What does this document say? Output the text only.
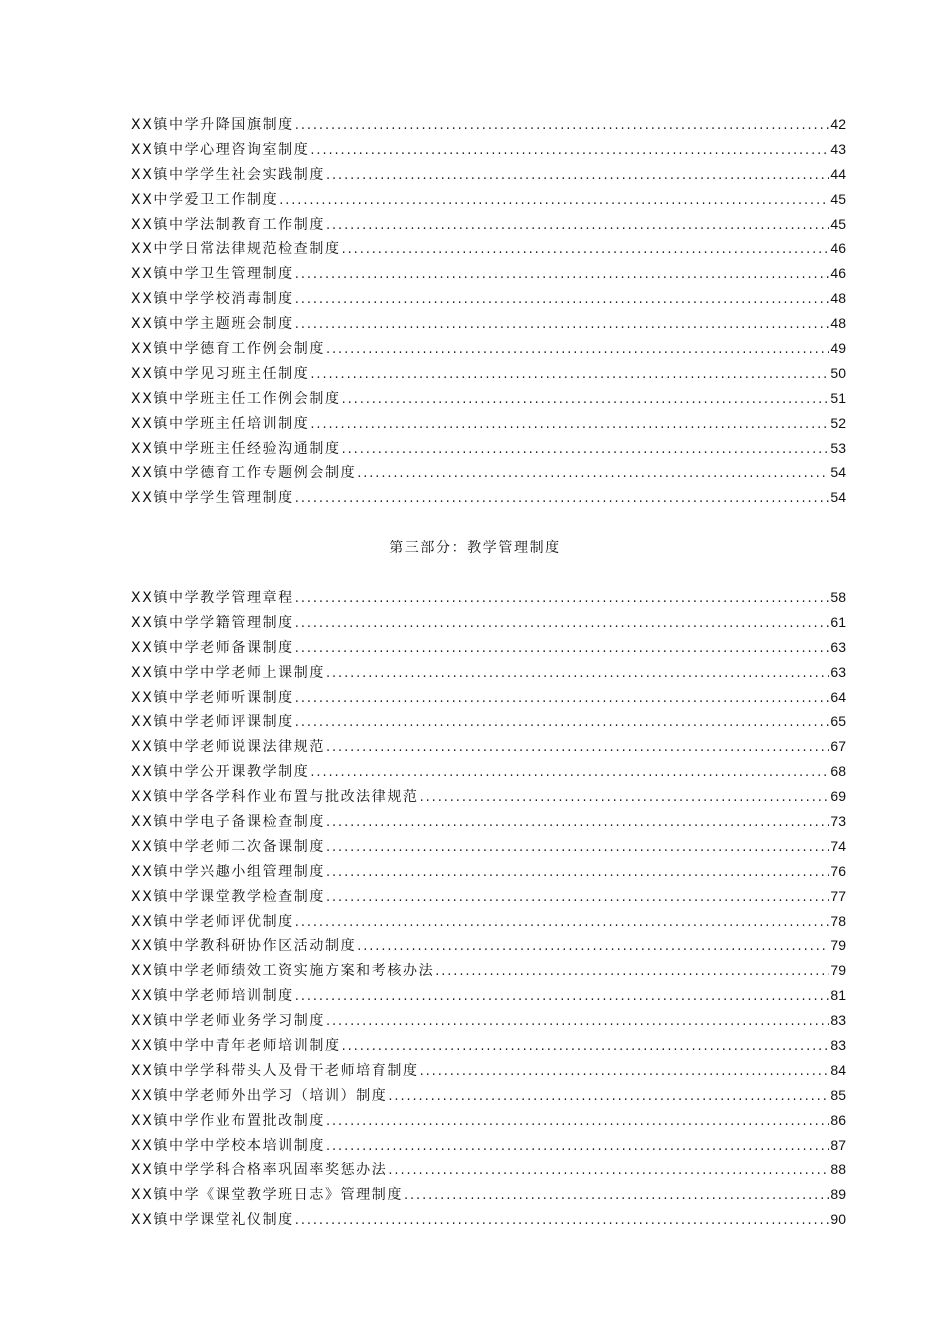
XX镇中学升降国旗制度 .....	42
XX镇中学心理咨询室制度 .....	43
XX镇中学学生社会实践制度 .....	44
XX中学爱卫工作制度 .....	45
XX镇中学法制教育工作制度 .....	45
XX中学日常法律规范检查制度 .....	46
XX镇中学卫生管理制度 .....	46
XX镇中学学校消毒制度 .....	48
XX镇中学主题班会制度 .....	48
XX镇中学德育工作例会制度 .....	49
XX镇中学见习班主任制度 .....	50
XX镇中学班主任工作例会制度 .....	51
XX镇中学班主任培训制度 .....	52
XX镇中学班主任经验沟通制度 .....	53
XX镇中学德育工作专题例会制度 .....	54
XX镇中学学生管理制度 .....	54
第三部分：教学管理制度
XX镇中学教学管理章程 .....	58
XX镇中学学籍管理制度 .....	61
XX镇中学老师备课制度 .....	63
XX镇中学中学老师上课制度 .....	63
XX镇中学老师听课制度 .....	64
XX镇中学老师评课制度 .....	65
XX镇中学老师说课法律规范 .....	67
XX镇中学公开课教学制度 .....	68
XX镇中学各学科作业布置与批改法律规范 .....	69
XX镇中学电子备课检查制度 .....	73
XX镇中学老师二次备课制度 .....	74
XX镇中学兴趣小组管理制度 .....	76
XX镇中学课堂教学检查制度 .....	77
XX镇中学老师评优制度 .....	78
XX镇中学教科研协作区活动制度 .....	79
XX镇中学老师绩效工资实施方案和考核办法 .....	79
XX镇中学老师培训制度 .....	81
XX镇中学老师业务学习制度 .....	83
XX镇中学中青年老师培训制度 .....	83
XX镇中学学科带头人及骨干老师培育制度 .....	84
XX镇中学老师外出学习（培训）制度 .....	85
XX镇中学作业布置批改制度 .....	86
XX镇中学中学校本培训制度 .....	87
XX镇中学学科合格率巩固率奖惩办法 .....	88
XX镇中学《课堂教学班日志》管理制度 .....	89
XX镇中学课堂礼仪制度 .....	90
